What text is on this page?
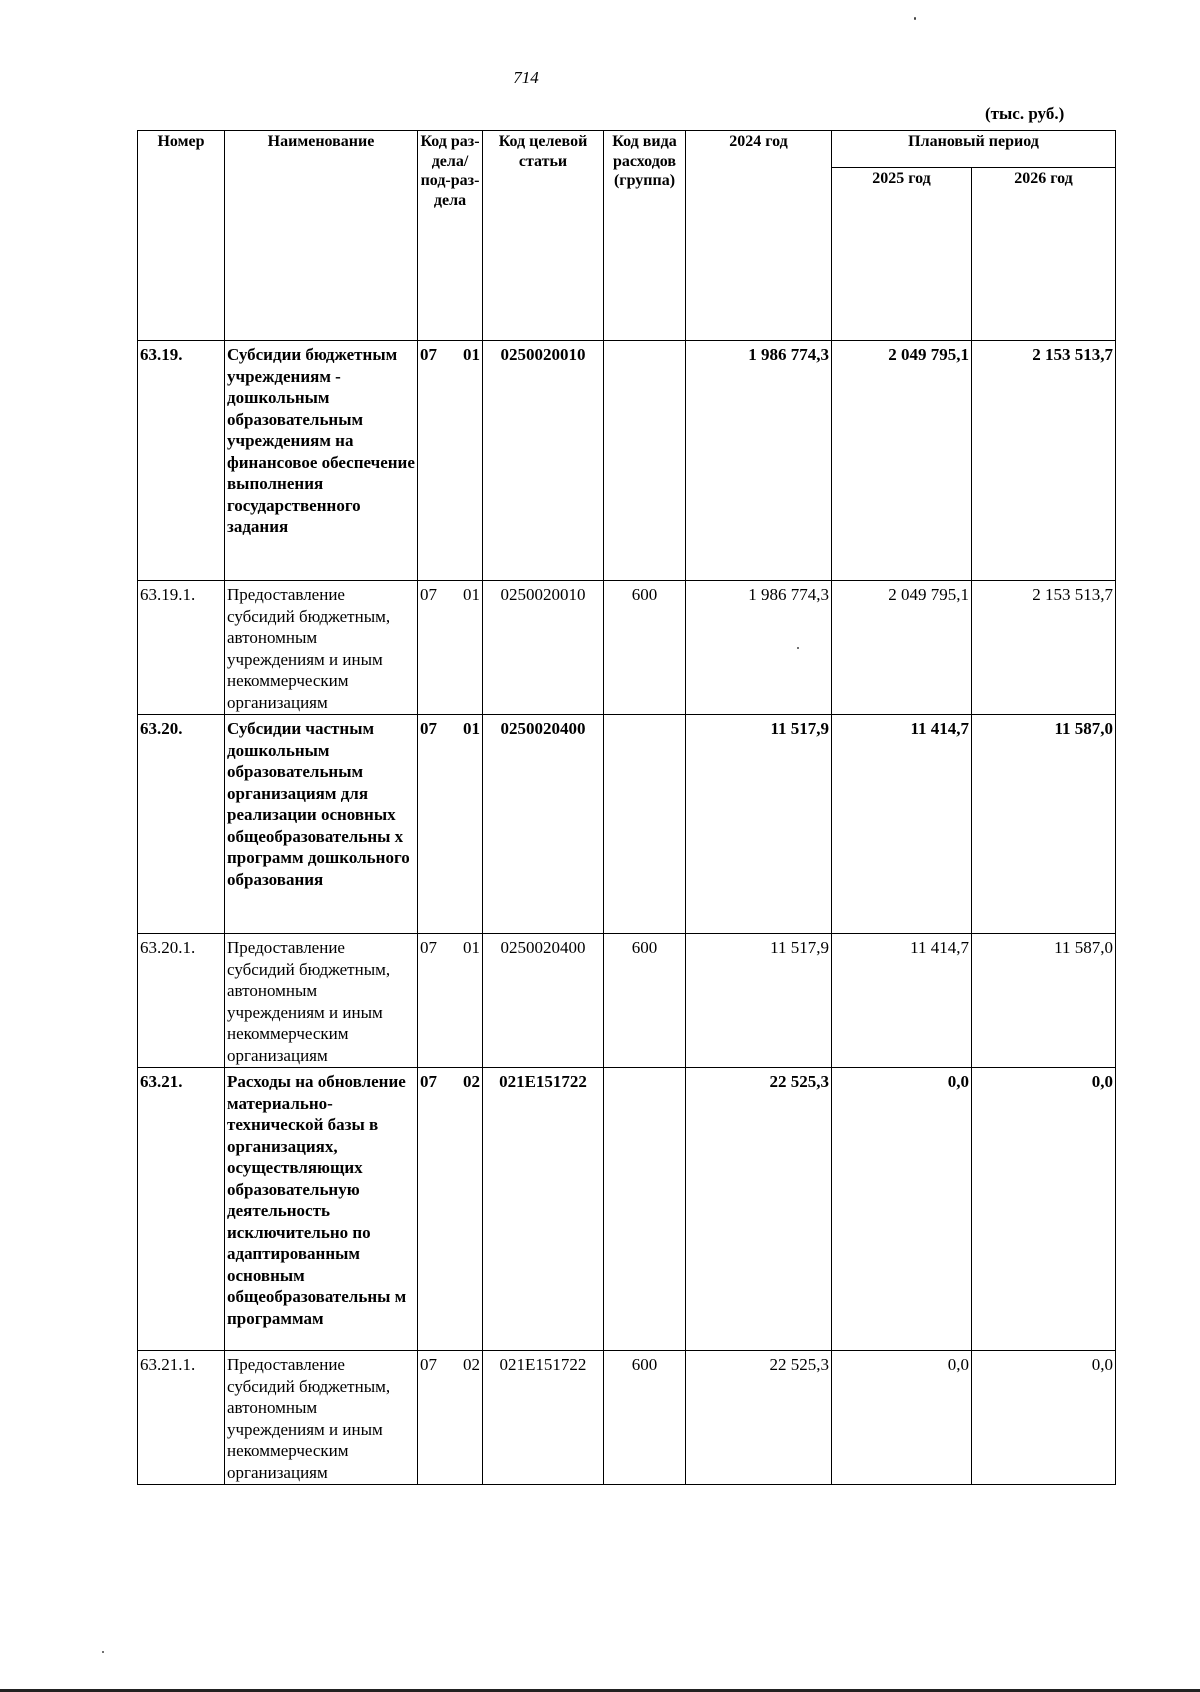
714
(тыс. руб.)
Номер	Наименование	Код раз-дела/ под-раз-дела	Код целевой статьи	Код вида расходов (группа)	2024 год	Плановый период	
						2025 год	2026 год
63.19.	Субсидии бюджетным учреждениям - дошкольным образовательным учреждениям на финансовое обеспечение выполнения государственного задания	07 01	0250020010		1 986 774,3	2 049 795,1	2 153 513,7
63.19.1.	Предоставление субсидий бюджетным, автономным учреждениям и иным некоммерческим организациям	07 01	0250020010	600	1 986 774,3	2 049 795,1	2 153 513,7
63.20.	Субсидии частным дошкольным образовательным организациям для реализации основных общеобразовательны х программ дошкольного образования	07 01	0250020400		11 517,9	11 414,7	11 587,0
63.20.1.	Предоставление субсидий бюджетным, автономным учреждениям и иным некоммерческим организациям	07 01	0250020400	600	11 517,9	11 414,7	11 587,0
63.21.	Расходы на обновление материально-технической базы в организациях, осуществляющих образовательную деятельность исключительно по адаптированным основным общеобразовательны м программам	07 02	021Е151722		22 525,3	0,0	0,0
63.21.1.	Предоставление субсидий бюджетным, автономным учреждениям и иным некоммерческим организациям	07 02	021Е151722	600	22 525,3	0,0	0,0
